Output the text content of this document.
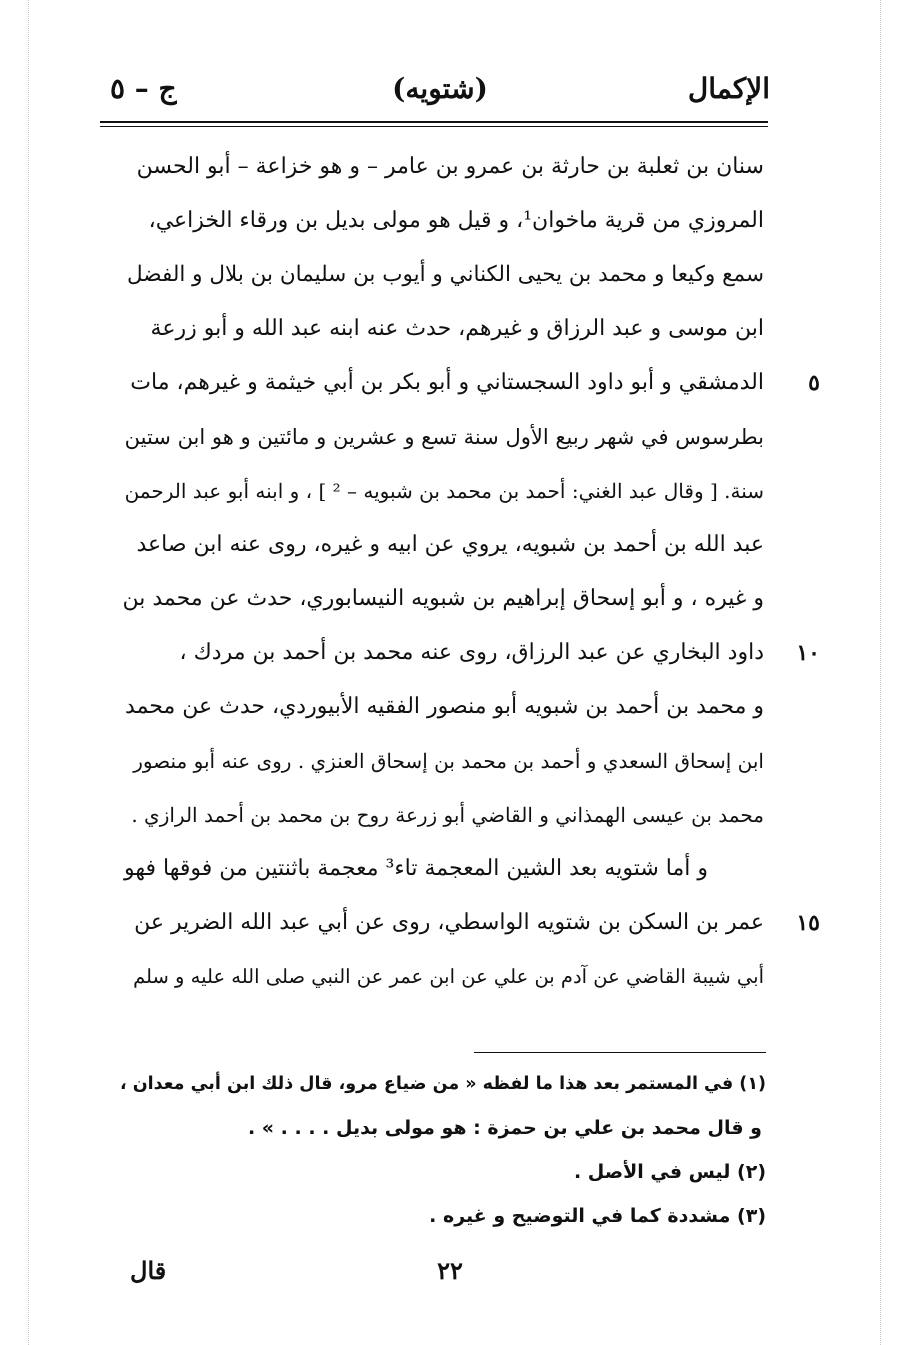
الإكمال
(شتويه)
ج – ٥
سنان بن ثعلبة بن حارثة بن عمرو بن عامر – و هو خزاعة – أبو الحسن
المروزي من قرية ماخوان¹، و قيل هو مولى بديل بن ورقاء الخزاعي،
سمع وكيعا و محمد بن يحيى الكناني و أيوب بن سليمان بن بلال و الفضل
ابن موسى و عبد الرزاق و غيرهم، حدث عنه ابنه عبد الله و أبو زرعة
٥
الدمشقي و أبو داود السجستاني و أبو بكر بن أبي خيثمة و غيرهم، مات
بطرسوس في شهر ربيع الأول سنة تسع و عشرين و مائتين و هو ابن ستين
سنة. [ وقال عبد الغني: أحمد بن محمد بن شبويه – ² ] ، و ابنه أبو عبد الرحمن
عبد الله بن أحمد بن شبويه، يروي عن ابيه و غيره، روى عنه ابن صاعد
و غيره ، و أبو إسحاق إبراهيم بن شبويه النيسابوري، حدث عن محمد بن
١٠
داود البخاري عن عبد الرزاق، روى عنه محمد بن أحمد بن مردك ،
و محمد بن أحمد بن شبويه أبو منصور الفقيه الأبيوردي، حدث عن محمد
ابن إسحاق السعدي و أحمد بن محمد بن إسحاق العنزي . روى عنه أبو منصور
محمد بن عيسى الهمذاني و القاضي أبو زرعة روح بن محمد بن أحمد الرازي .
و أما شتويه بعد الشين المعجمة تاء³ معجمة باثنتين من فوقها فهو
١٥
عمر بن السكن بن شتويه الواسطي، روى عن أبي عبد الله الضرير عن
أبي شيبة القاضي عن آدم بن علي عن ابن عمر عن النبي صلى الله عليه و سلم
(١) في المستمر بعد هذا ما لفظه « من ضياع مرو، قال ذلك ابن أبي معدان ،
و قال محمد بن علي بن حمزة : هو مولى بديل . . . . » .
(٢) ليس في الأصل .
(٣) مشددة كما في التوضيح و غيره .
٢٢
قال
